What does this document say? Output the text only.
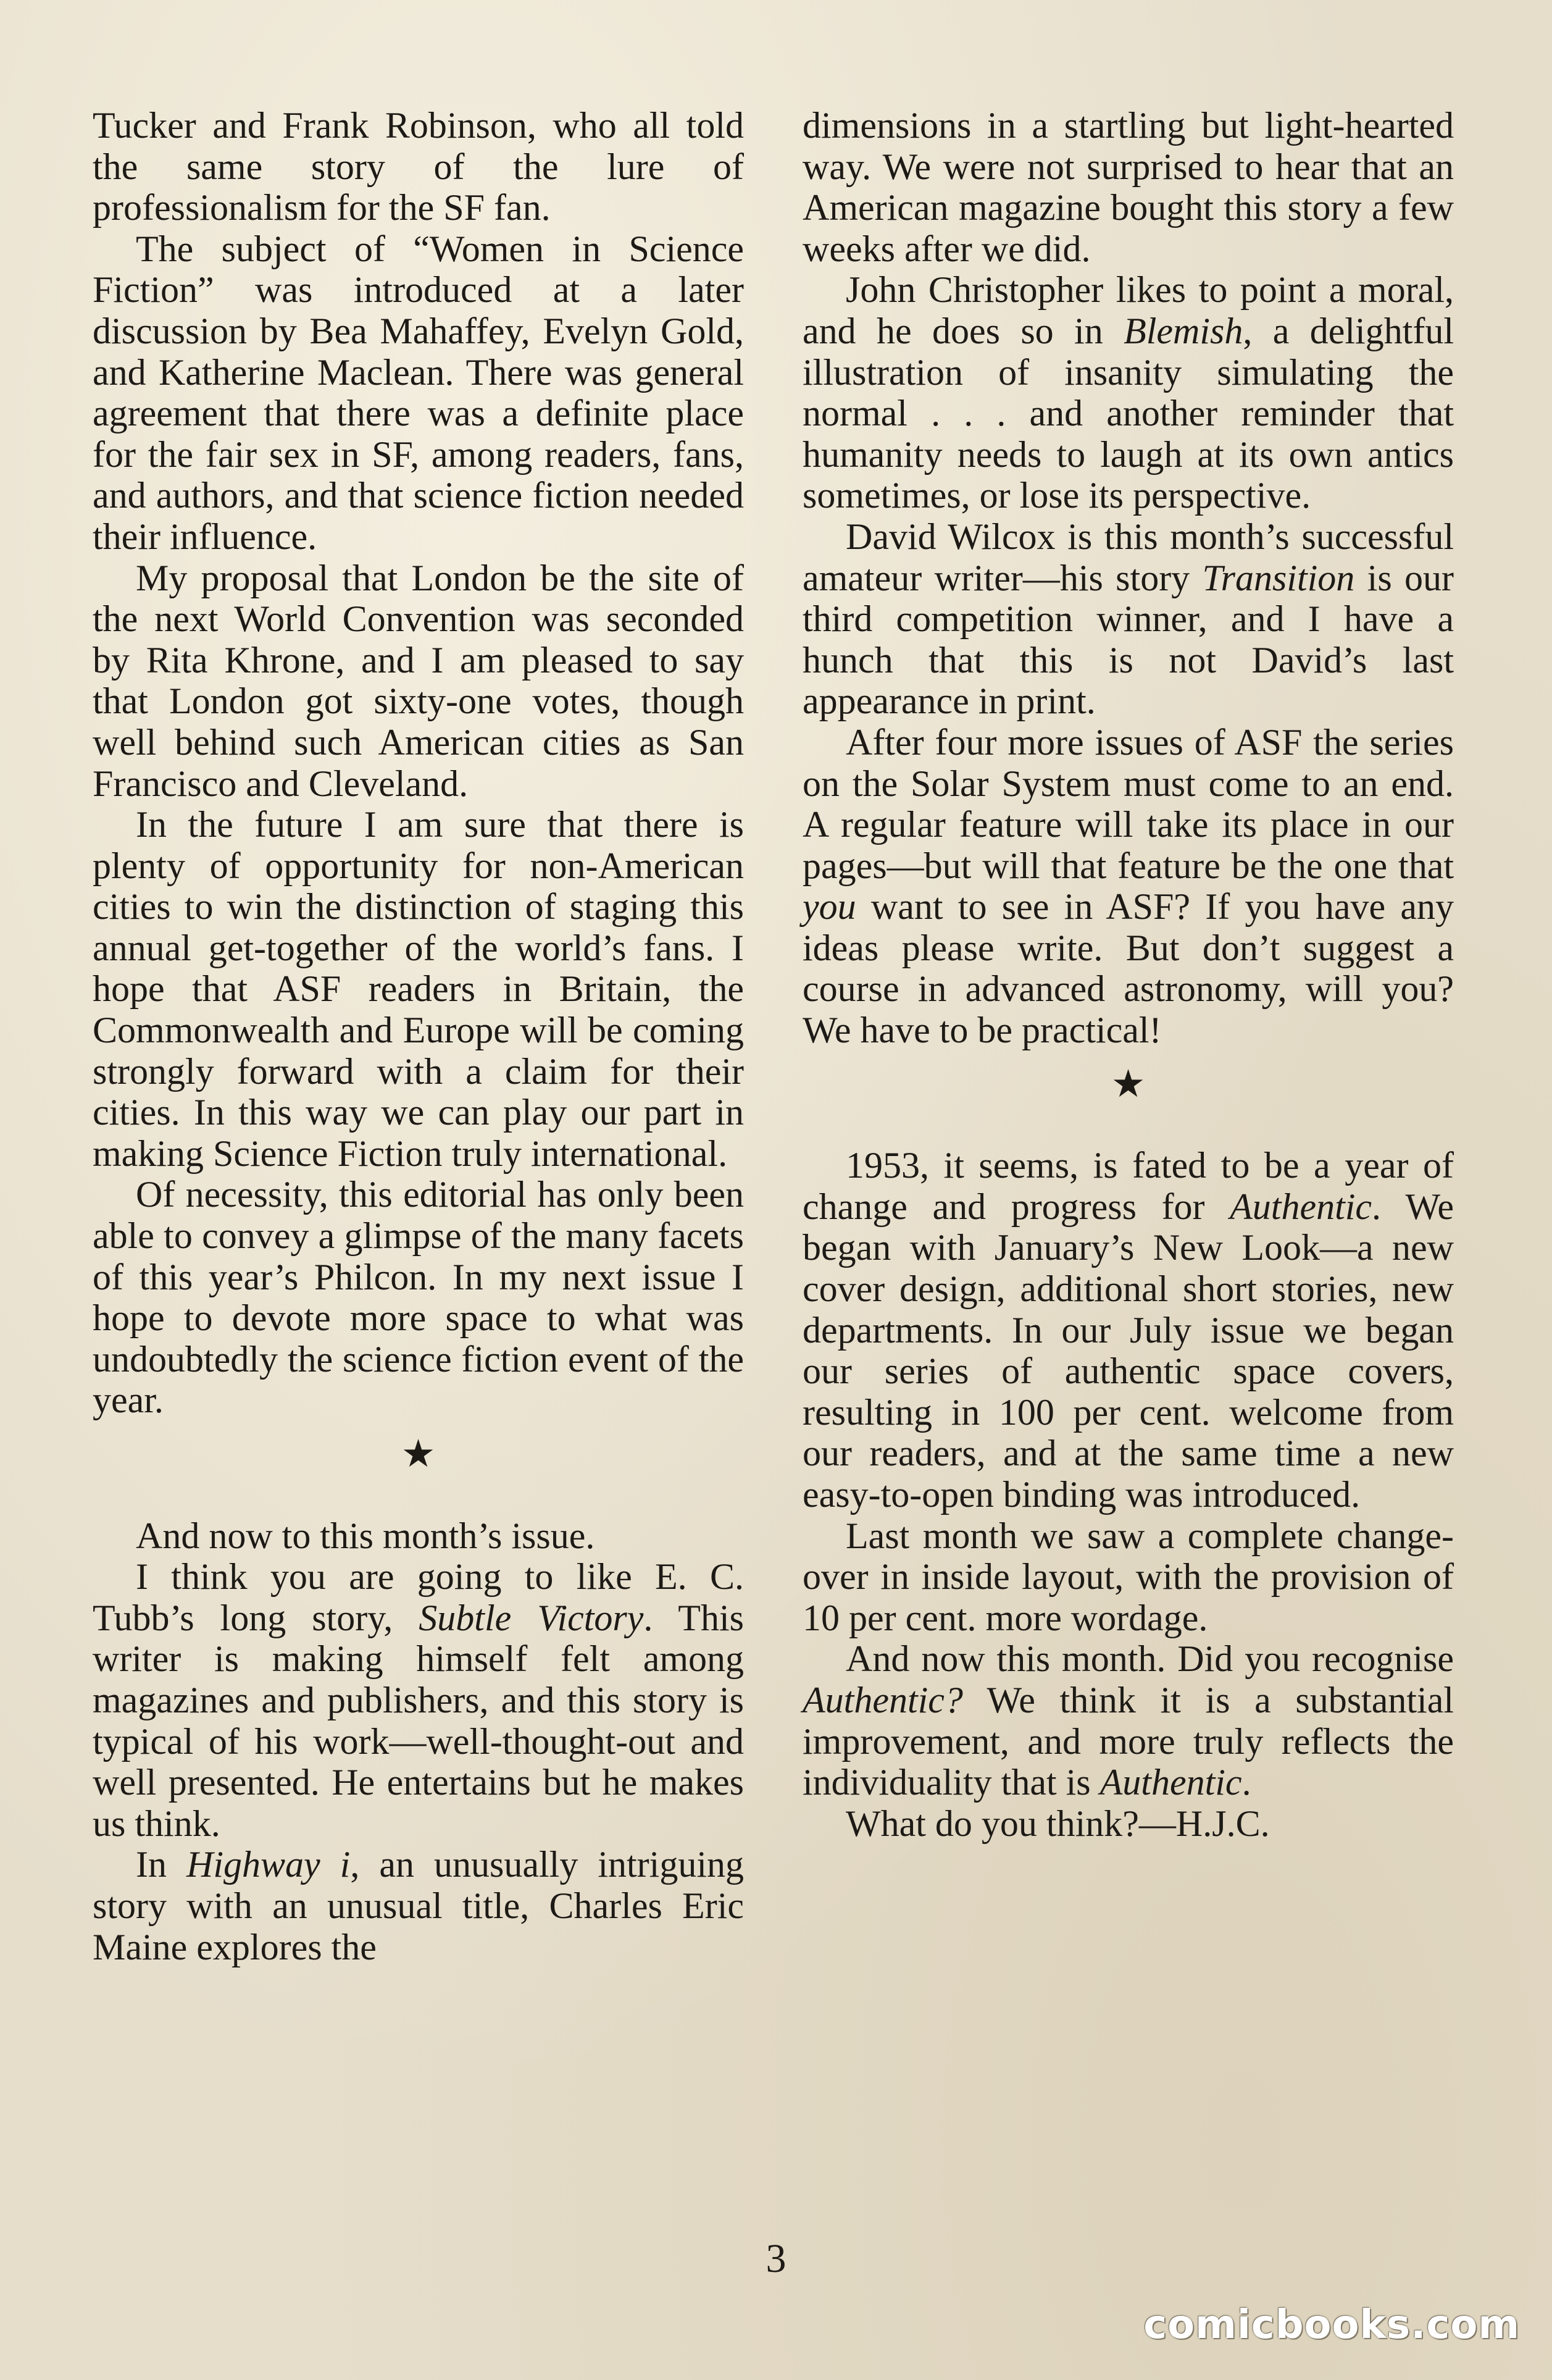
Tucker and Frank Robinson, who all told the same story of the lure of professionalism for the SF fan.

The subject of “Women in Science Fiction” was introduced at a later discussion by Bea Mahaffey, Evelyn Gold, and Katherine Maclean. There was general agreement that there was a definite place for the fair sex in SF, among readers, fans, and authors, and that science fiction needed their influence.

My proposal that London be the site of the next World Convention was seconded by Rita Khrone, and I am pleased to say that London got sixty-one votes, though well behind such American cities as San Francisco and Cleveland.

In the future I am sure that there is plenty of opportunity for non-American cities to win the distinction of staging this annual get-together of the world’s fans. I hope that ASF readers in Britain, the Commonwealth and Europe will be coming strongly forward with a claim for their cities. In this way we can play our part in making Science Fiction truly international.

Of necessity, this editorial has only been able to convey a glimpse of the many facets of this year’s Philcon. In my next issue I hope to devote more space to what was undoubtedly the science fiction event of the year.

★

And now to this month’s issue.

I think you are going to like E. C. Tubb’s long story, Subtle Victory. This writer is making himself felt among magazines and publishers, and this story is typical of his work—well-thought-out and well presented. He entertains but he makes us think.

In Highway i, an unusually intriguing story with an unusual title, Charles Eric Maine explores the

dimensions in a startling but light-hearted way. We were not surprised to hear that an American magazine bought this story a few weeks after we did.

John Christopher likes to point a moral, and he does so in Blemish, a delightful illustration of insanity simulating the normal . . . and another reminder that humanity needs to laugh at its own antics sometimes, or lose its perspective.

David Wilcox is this month’s successful amateur writer—his story Transition is our third competition winner, and I have a hunch that this is not David’s last appearance in print.

After four more issues of ASF the series on the Solar System must come to an end. A regular feature will take its place in our pages—but will that feature be the one that you want to see in ASF? If you have any ideas please write. But don’t suggest a course in advanced astronomy, will you? We have to be practical!

★

1953, it seems, is fated to be a year of change and progress for Authentic. We began with January’s New Look—a new cover design, additional short stories, new departments. In our July issue we began our series of authentic space covers, resulting in 100 per cent. welcome from our readers, and at the same time a new easy-to-open binding was introduced.

Last month we saw a complete change-over in inside layout, with the provision of 10 per cent. more wordage.

And now this month. Did you recognise Authentic? We think it is a substantial improvement, and more truly reflects the individuality that is Authentic.

What do you think?—H.J.C.

3
comicbooks.com
